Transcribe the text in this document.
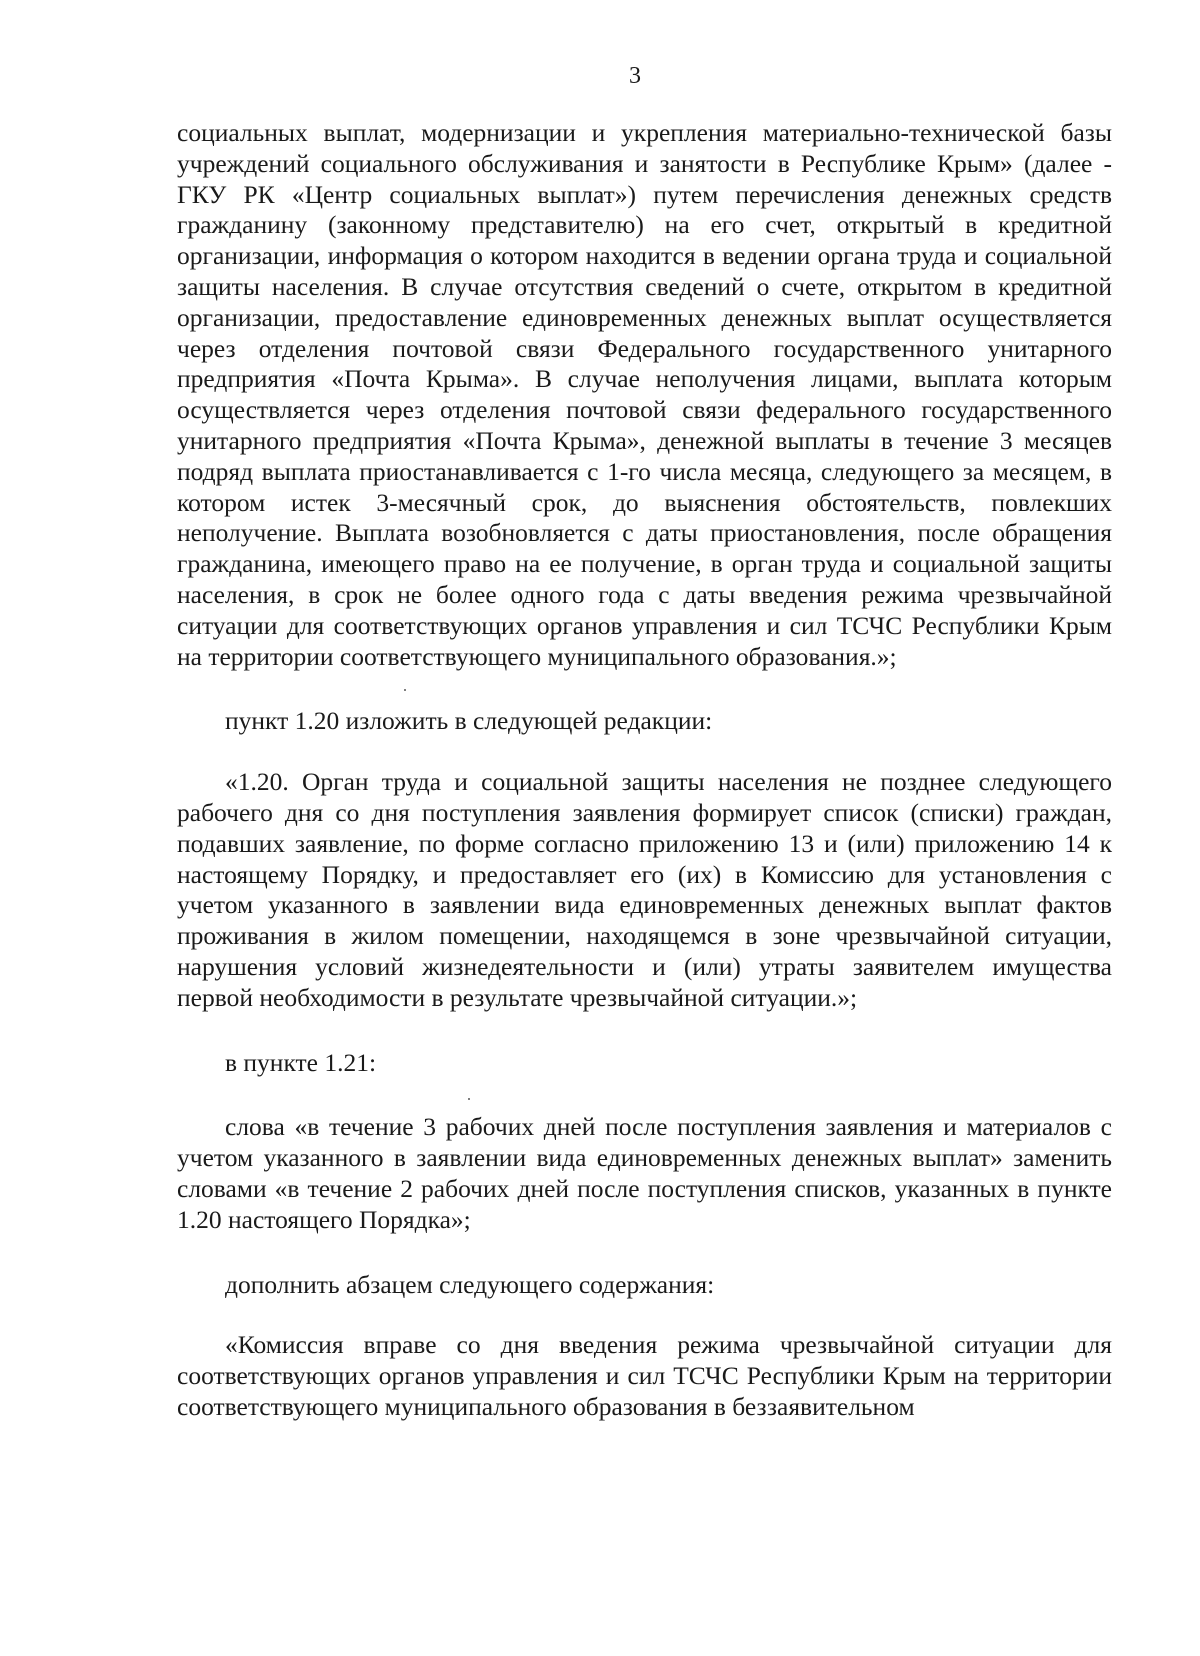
3

социальных выплат, модернизации и укрепления материально-технической базы учреждений социального обслуживания и занятости в Республике Крым» (далее - ГКУ РК «Центр социальных выплат») путем перечисления денежных средств гражданину (законному представителю) на его счет, открытый в кредитной организации, информация о котором находится в ведении органа труда и социальной защиты населения. В случае отсутствия сведений о счете, открытом в кредитной организации, предоставление единовременных денежных выплат осуществляется через отделения почтовой связи Федерального государственного унитарного предприятия «Почта Крыма». В случае неполучения лицами, выплата которым осуществляется через отделения почтовой связи федерального государственного унитарного предприятия «Почта Крыма», денежной выплаты в течение 3 месяцев подряд выплата приостанавливается с 1-го числа месяца, следующего за месяцем, в котором истек 3-месячный срок, до выяснения обстоятельств, повлекших неполучение. Выплата возобновляется с даты приостановления, после обращения гражданина, имеющего право на ее получение, в орган труда и социальной защиты населения, в срок не более одного года с даты введения режима чрезвычайной ситуации для соответствующих органов управления и сил ТСЧС Республики Крым на территории соответствующего муниципального образования.»;

пункт 1.20 изложить в следующей редакции:

«1.20. Орган труда и социальной защиты населения не позднее следующего рабочего дня со дня поступления заявления формирует список (списки) граждан, подавших заявление, по форме согласно приложению 13 и (или) приложению 14 к настоящему Порядку, и предоставляет его (их) в Комиссию для установления с учетом указанного в заявлении вида единовременных денежных выплат фактов проживания в жилом помещении, находящемся в зоне чрезвычайной ситуации, нарушения условий жизнедеятельности и (или) утраты заявителем имущества первой необходимости в результате чрезвычайной ситуации.»;

в пункте 1.21:

слова «в течение 3 рабочих дней после поступления заявления и материалов с учетом указанного в заявлении вида единовременных денежных выплат» заменить словами «в течение 2 рабочих дней после поступления списков, указанных в пункте 1.20 настоящего Порядка»;

дополнить абзацем следующего содержания:

«Комиссия вправе со дня введения режима чрезвычайной ситуации для соответствующих органов управления и сил ТСЧС Республики Крым на территории соответствующего муниципального образования в беззаявительном
